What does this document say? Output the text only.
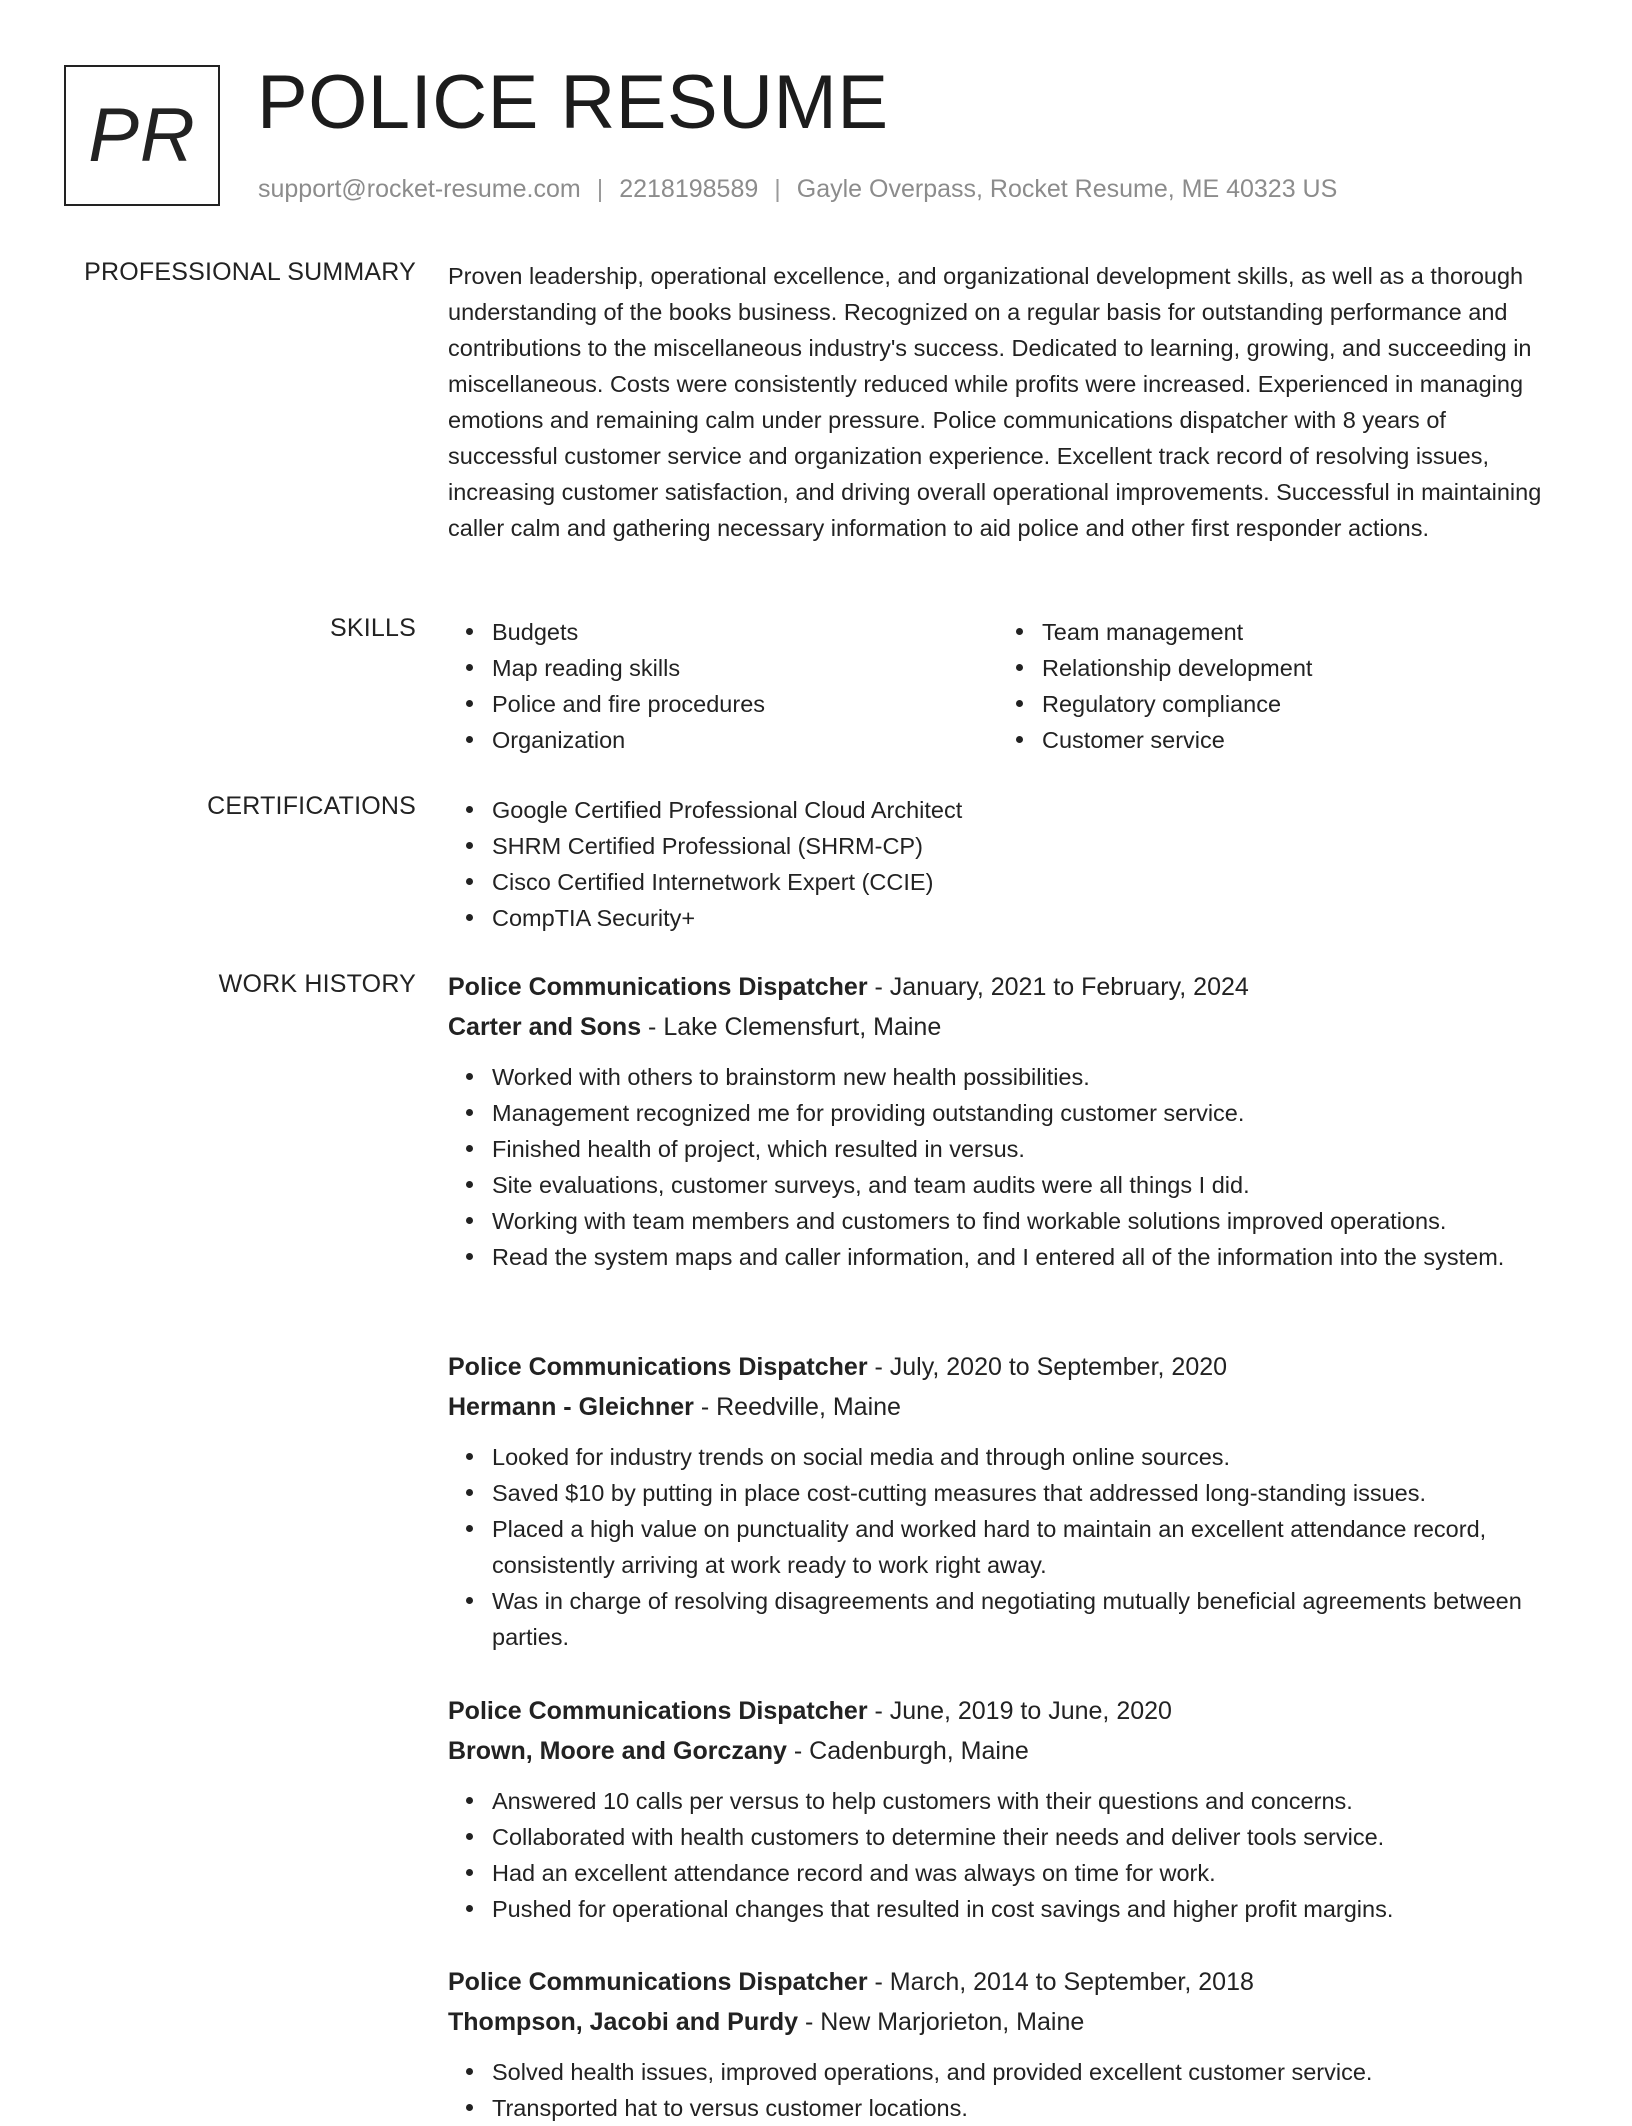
PR POLICE RESUME
support@rocket-resume.com | 2218198589 | Gayle Overpass, Rocket Resume, ME 40323 US
PROFESSIONAL SUMMARY Proven leadership, operational excellence, and organizational development skills, as well as a thorough understanding of the books business. Recognized on a regular basis for outstanding performance and contributions to the miscellaneous industry's success. Dedicated to learning, growing, and succeeding in miscellaneous. Costs were consistently reduced while profits were increased. Experienced in managing emotions and remaining calm under pressure. Police communications dispatcher with 8 years of successful customer service and organization experience. Excellent track record of resolving issues, increasing customer satisfaction, and driving overall operational improvements. Successful in maintaining caller calm and gathering necessary information to aid police and other first responder actions.

SKILLS	Budgets
Map reading skills
Police and fire procedures
Organization
Team management
Relationship development
Regulatory compliance
Customer service
CERTIFICATIONS	Google Certified Professional Cloud Architect
SHRM Certified Professional (SHRM-CP)
Cisco Certified Internetwork Expert (CCIE)
CompTIA Security+
WORK HISTORY Police Communications Dispatcher - January, 2021 to February, 2024
Carter and Sons - Lake Clemensfurt, Maine
Worked with others to brainstorm new health possibilities.
Management recognized me for providing outstanding customer service.
Finished health of project, which resulted in versus.
Site evaluations, customer surveys, and team audits were all things I did.
Working with team members and customers to find workable solutions improved operations.
Read the system maps and caller information, and I entered all of the information into the system.
Police Communications Dispatcher - July, 2020 to September, 2020
Hermann - Gleichner - Reedville, Maine
Looked for industry trends on social media and through online sources.
Saved $10 by putting in place cost-cutting measures that addressed long-standing issues.
Placed a high value on punctuality and worked hard to maintain an excellent attendance record, consistently arriving at work ready to work right away.
Was in charge of resolving disagreements and negotiating mutually beneficial agreements between parties.
Police Communications Dispatcher - June, 2019 to June, 2020
Brown, Moore and Gorczany - Cadenburgh, Maine
Answered 10 calls per versus to help customers with their questions and concerns.
Collaborated with health customers to determine their needs and deliver tools service.
Had an excellent attendance record and was always on time for work.
Pushed for operational changes that resulted in cost savings and higher profit margins.
Police Communications Dispatcher - March, 2014 to September, 2018
Thompson, Jacobi and Purdy - New Marjorieton, Maine
Solved health issues, improved operations, and provided excellent customer service.
Transported hat to versus customer locations.
